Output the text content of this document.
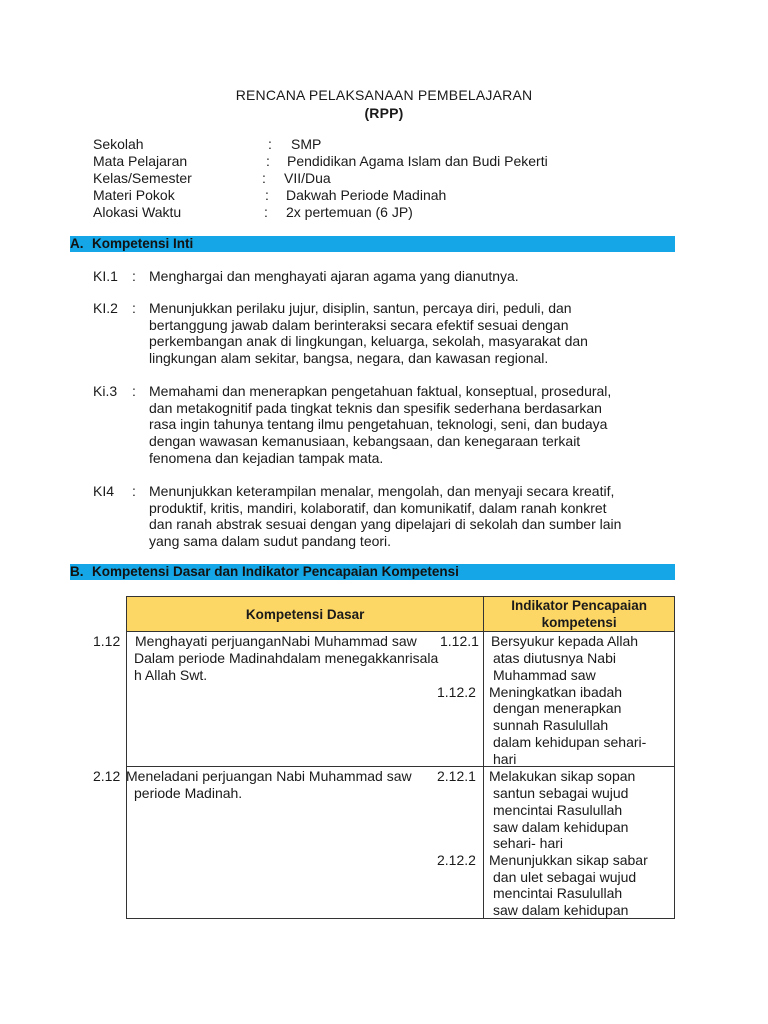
RENCANA PELAKSANAAN PEMBELAJARAN
(RPP)
Sekolah	: SMP
Mata Pelajaran	: Pendidikan Agama Islam dan Budi Pekerti
Kelas/Semester	: VII/Dua
Materi Pokok	: Dakwah Periode Madinah
Alokasi Waktu	: 2x pertemuan (6 JP)
A. Kompetensi Inti
KI.1 : Menghargai dan menghayati ajaran agama yang dianutnya.
KI.2 : Menunjukkan perilaku jujur, disiplin, santun, percaya diri, peduli, dan
bertanggung jawab dalam berinteraksi secara efektif sesuai dengan
perkembangan anak di lingkungan, keluarga, sekolah, masyarakat dan
lingkungan alam sekitar, bangsa, negara, dan kawasan regional.
Ki.3 : Memahami dan menerapkan pengetahuan faktual, konseptual, prosedural,
dan metakognitif pada tingkat teknis dan spesifik sederhana berdasarkan
rasa ingin tahunya tentang ilmu pengetahuan, teknologi, seni, dan budaya
dengan wawasan kemanusiaan, kebangsaan, dan kenegaraan terkait
fenomena dan kejadian tampak mata.
KI4 : Menunjukkan keterampilan menalar, mengolah, dan menyaji secara kreatif,
produktif, kritis, mandiri, kolaboratif, dan komunikatif, dalam ranah konkret
dan ranah abstrak sesuai dengan yang dipelajari di sekolah dan sumber lain
yang sama dalam sudut pandang teori.
B. Kompetensi Dasar dan Indikator Pencapaian Kompetensi
Kompetensi Dasar	Indikator Pencapaian
kompetensi

1.12 Menghayati perjuanganNabi Muhammad saw
Dalam periode Madinahdalam menegakkanrisala
h Allah Swt.
1.12.1 Bersyukur kepada Allah
atas diutusnya Nabi
Muhammad saw
1.12.2 Meningkatkan ibadah
dengan menerapkan
sunnah Rasulullah
dalam kehidupan sehari-
hari
2.12 Meneladani perjuangan Nabi Muhammad saw
periode Madinah.
2.12.1 Melakukan sikap sopan
santun sebagai wujud
mencintai Rasulullah
saw dalam kehidupan
sehari- hari
2.12.2 Menunjukkan sikap sabar
dan ulet sebagai wujud
mencintai Rasulullah
saw dalam kehidupan
